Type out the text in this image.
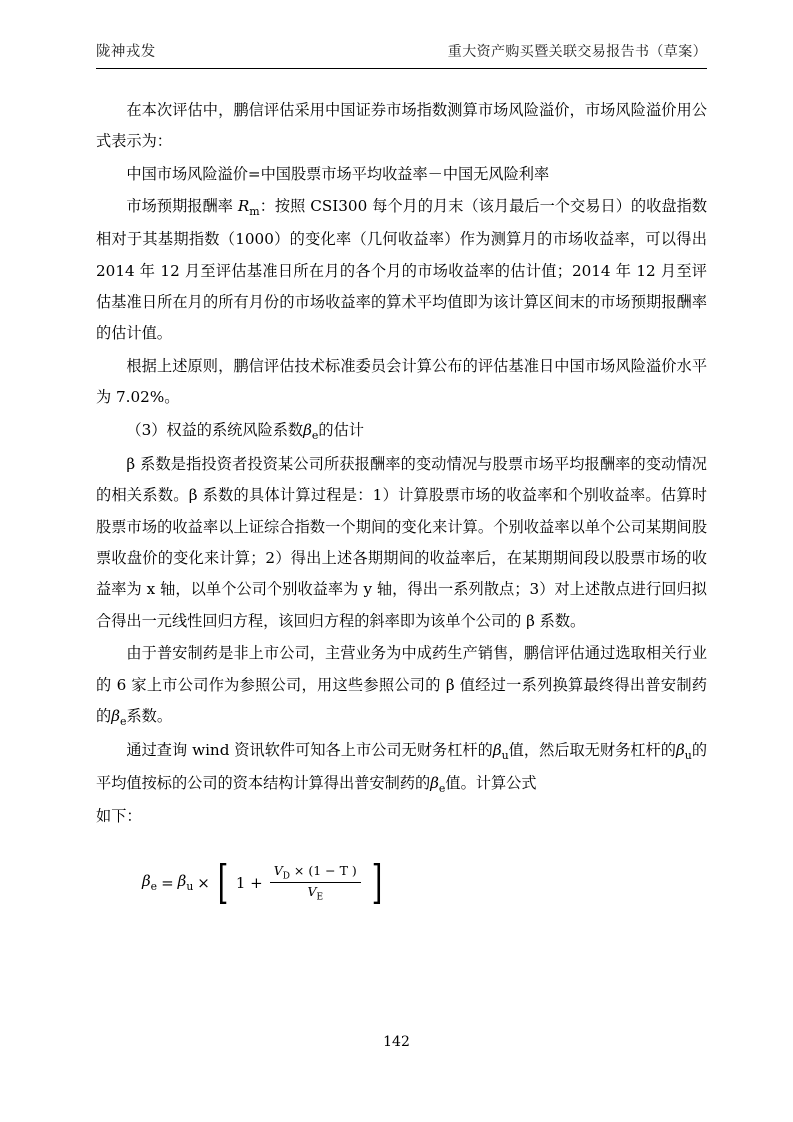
陇神戎发	重大资产购买暨关联交易报告书（草案）

在本次评估中，鹏信评估采用中国证券市场指数测算市场风险溢价，市场风险溢价用公式表示为：

中国市场风险溢价=中国股票市场平均收益率－中国无风险利率

市场预期报酬率 $R_m$：按照 CSI300 每个月的月末（该月最后一个交易日）的收盘指数相对于其基期指数（1000）的变化率（几何收益率）作为测算月的市场收益率，可以得出 2014 年 12 月至评估基准日所在月的各个月的市场收益率的估计值；2014 年 12 月至评估基准日所在月的所有月份的市场收益率的算术平均值即为该计算区间末的市场预期报酬率的估计值。

根据上述原则，鹏信评估技术标准委员会计算公布的评估基准日中国市场风险溢价水平为 7.02%。

（3）权益的系统风险系数$\beta_e$的估计

β 系数是指投资者投资某公司所获报酬率的变动情况与股票市场平均报酬率的变动情况的相关系数。β 系数的具体计算过程是：1）计算股票市场的收益率和个别收益率。估算时股票市场的收益率以上证综合指数一个期间的变化来计算。个别收益率以单个公司某期间股票收盘价的变化来计算；2）得出上述各期期间的收益率后，在某期期间段以股票市场的收益率为 x 轴，以单个公司个别收益率为 y 轴，得出一系列散点；3）对上述散点进行回归拟合得出一元线性回归方程，该回归方程的斜率即为该单个公司的 β 系数。

由于普安制药是非上市公司，主营业务为中成药生产销售，鹏信评估通过选取相关行业的 6 家上市公司作为参照公司，用这些参照公司的 β 值经过一系列换算最终得出普安制药的$\beta_e$系数。

通过查询 wind 资讯软件可知各上市公司无财务杠杆的$\beta_u$值，然后取无财务杠杆的$\beta_u$的平均值按标的公司的资本结构计算得出普安制药的$\beta_e$值。计算公式

如下：

$\beta_e = \beta_u$ × [ $1 + \frac{V_D \times (1 - T )}{V_E}$ ]
142
